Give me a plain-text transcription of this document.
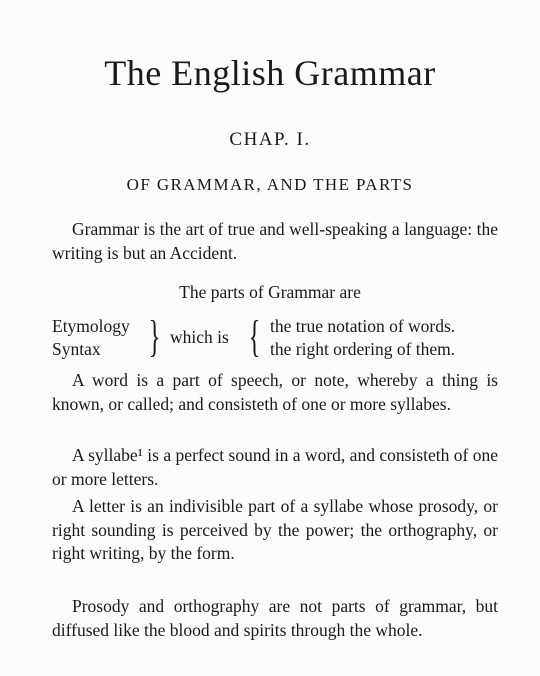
The English Grammar
CHAP. I.
OF GRAMMAR, AND THE PARTS
Grammar is the art of true and well-speaking a language: the writing is but an Accident.
The parts of Grammar are
Etymology
Syntax	} which is { the true notation of words.
the right ordering of them.
A word is a part of speech, or note, whereby a thing is known, or called; and consisteth of one or more syllabes.
A syllabe¹ is a perfect sound in a word, and consisteth of one or more letters.
A letter is an indivisible part of a syllabe whose prosody, or right sounding is perceived by the power; the orthography, or right writing, by the form.
Prosody and orthography are not parts of grammar, but diffused like the blood and spirits through the whole.
